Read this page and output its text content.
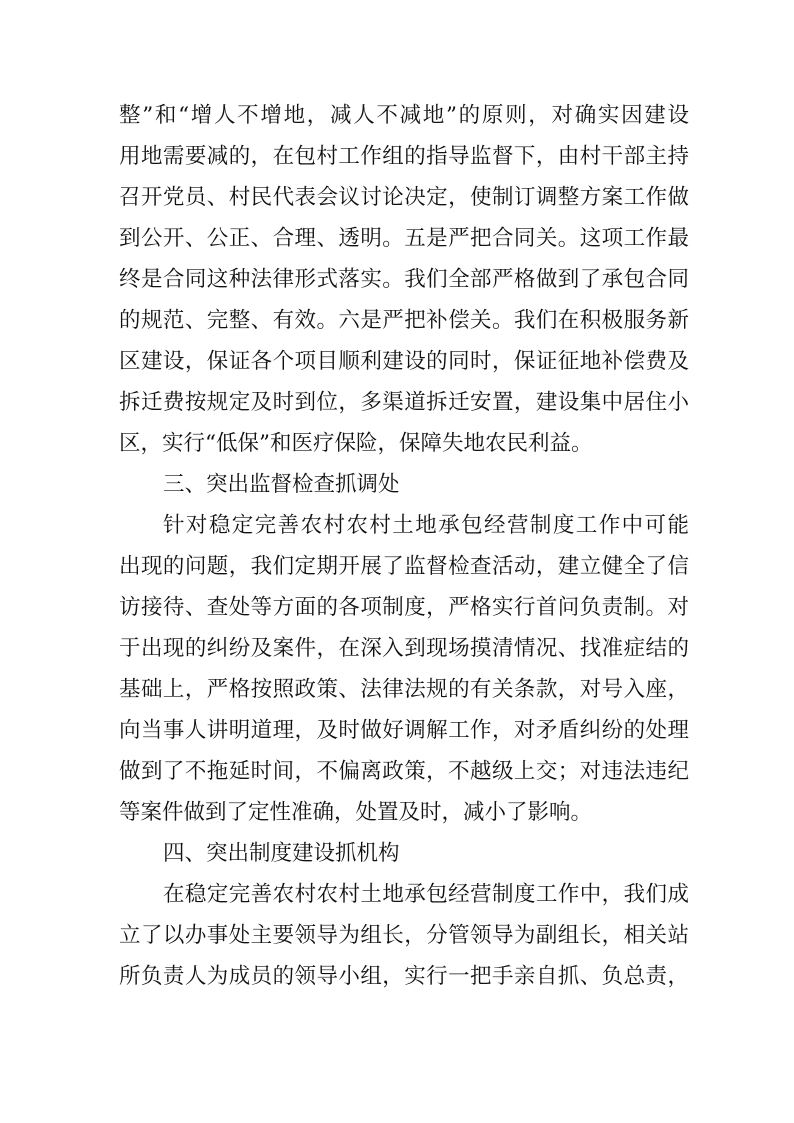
整”和“增人不增地，减人不减地”的原则，对确实因建设
用地需要减的，在包村工作组的指导监督下，由村干部主持
召开党员、村民代表会议讨论决定，使制订调整方案工作做
到公开、公正、合理、透明。五是严把合同关。这项工作最
终是合同这种法律形式落实。我们全部严格做到了承包合同
的规范、完整、有效。六是严把补偿关。我们在积极服务新
区建设，保证各个项目顺利建设的同时，保证征地补偿费及
拆迁费按规定及时到位，多渠道拆迁安置，建设集中居住小
区，实行“低保”和医疗保险，保障失地农民利益。
三、突出监督检查抓调处
针对稳定完善农村农村土地承包经营制度工作中可能
出现的问题，我们定期开展了监督检查活动，建立健全了信
访接待、查处等方面的各项制度，严格实行首问负责制。对
于出现的纠纷及案件，在深入到现场摸清情况、找准症结的
基础上，严格按照政策、法律法规的有关条款，对号入座，
向当事人讲明道理，及时做好调解工作，对矛盾纠纷的处理
做到了不拖延时间，不偏离政策，不越级上交；对违法违纪
等案件做到了定性准确，处置及时，减小了影响。
四、突出制度建设抓机构
在稳定完善农村农村土地承包经营制度工作中，我们成
立了以办事处主要领导为组长，分管领导为副组长，相关站
所负责人为成员的领导小组，实行一把手亲自抓、负总责，
